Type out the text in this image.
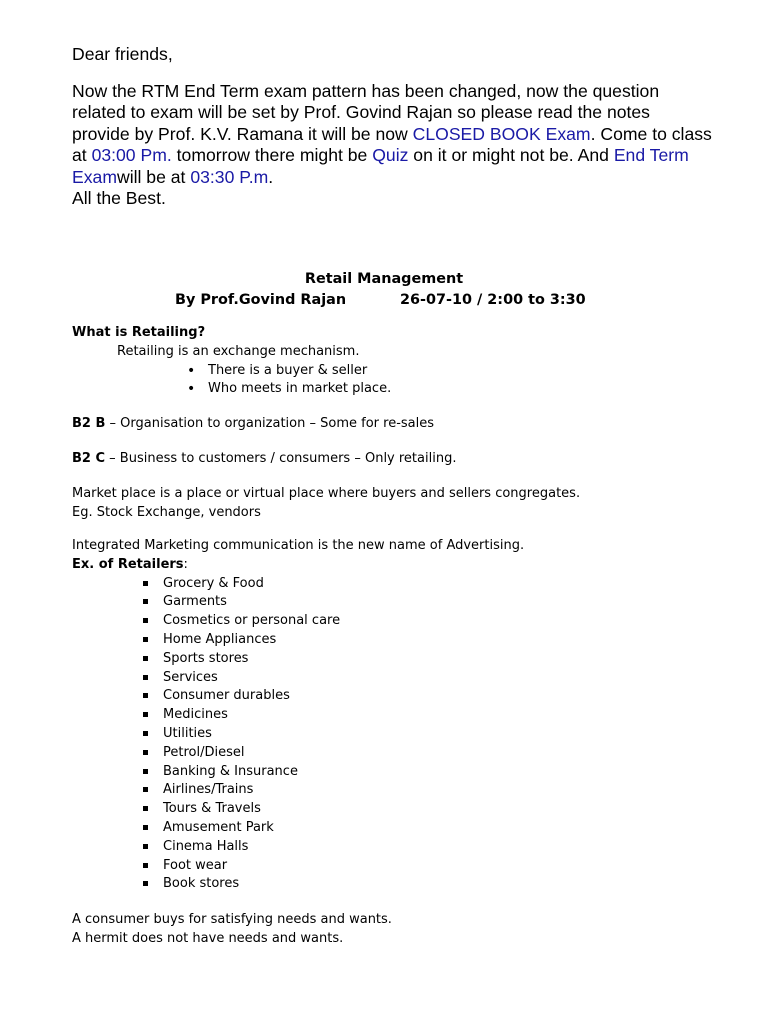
Dear friends,

Now the RTM End Term exam pattern has been changed, now the question related to exam will be set by Prof. Govind Rajan so please read the notes provide by Prof. K.V. Ramana it will be now CLOSED BOOK Exam. Come to class at 03:00 Pm. tomorrow there might be Quiz on it or might not be. And End Term Examwill be at 03:30 P.m.

All the Best.

Retail Management
By Prof.Govind Rajan	26-07-10 / 2:00 to 3:30

What is Retailing?

Retailing is an exchange mechanism.

• There is a buyer & seller
• Who meets in market place.

B2 B – Organisation to organization – Some for re-sales

B2 C – Business to customers / consumers – Only retailing.

Market place is a place or virtual place where buyers and sellers congregates.

Eg. Stock Exchange, vendors

Integrated Marketing communication is the new name of Advertising.

Ex. of Retailers:

Grocery & Food
Garments
Cosmetics or personal care
Home Appliances
Sports stores
Services
Consumer durables
Medicines
Utilities
Petrol/Diesel
Banking & Insurance
Airlines/Trains
Tours & Travels
Amusement Park
Cinema Halls
Foot wear
Book stores

A consumer buys for satisfying needs and wants.

A hermit does not have needs and wants.
